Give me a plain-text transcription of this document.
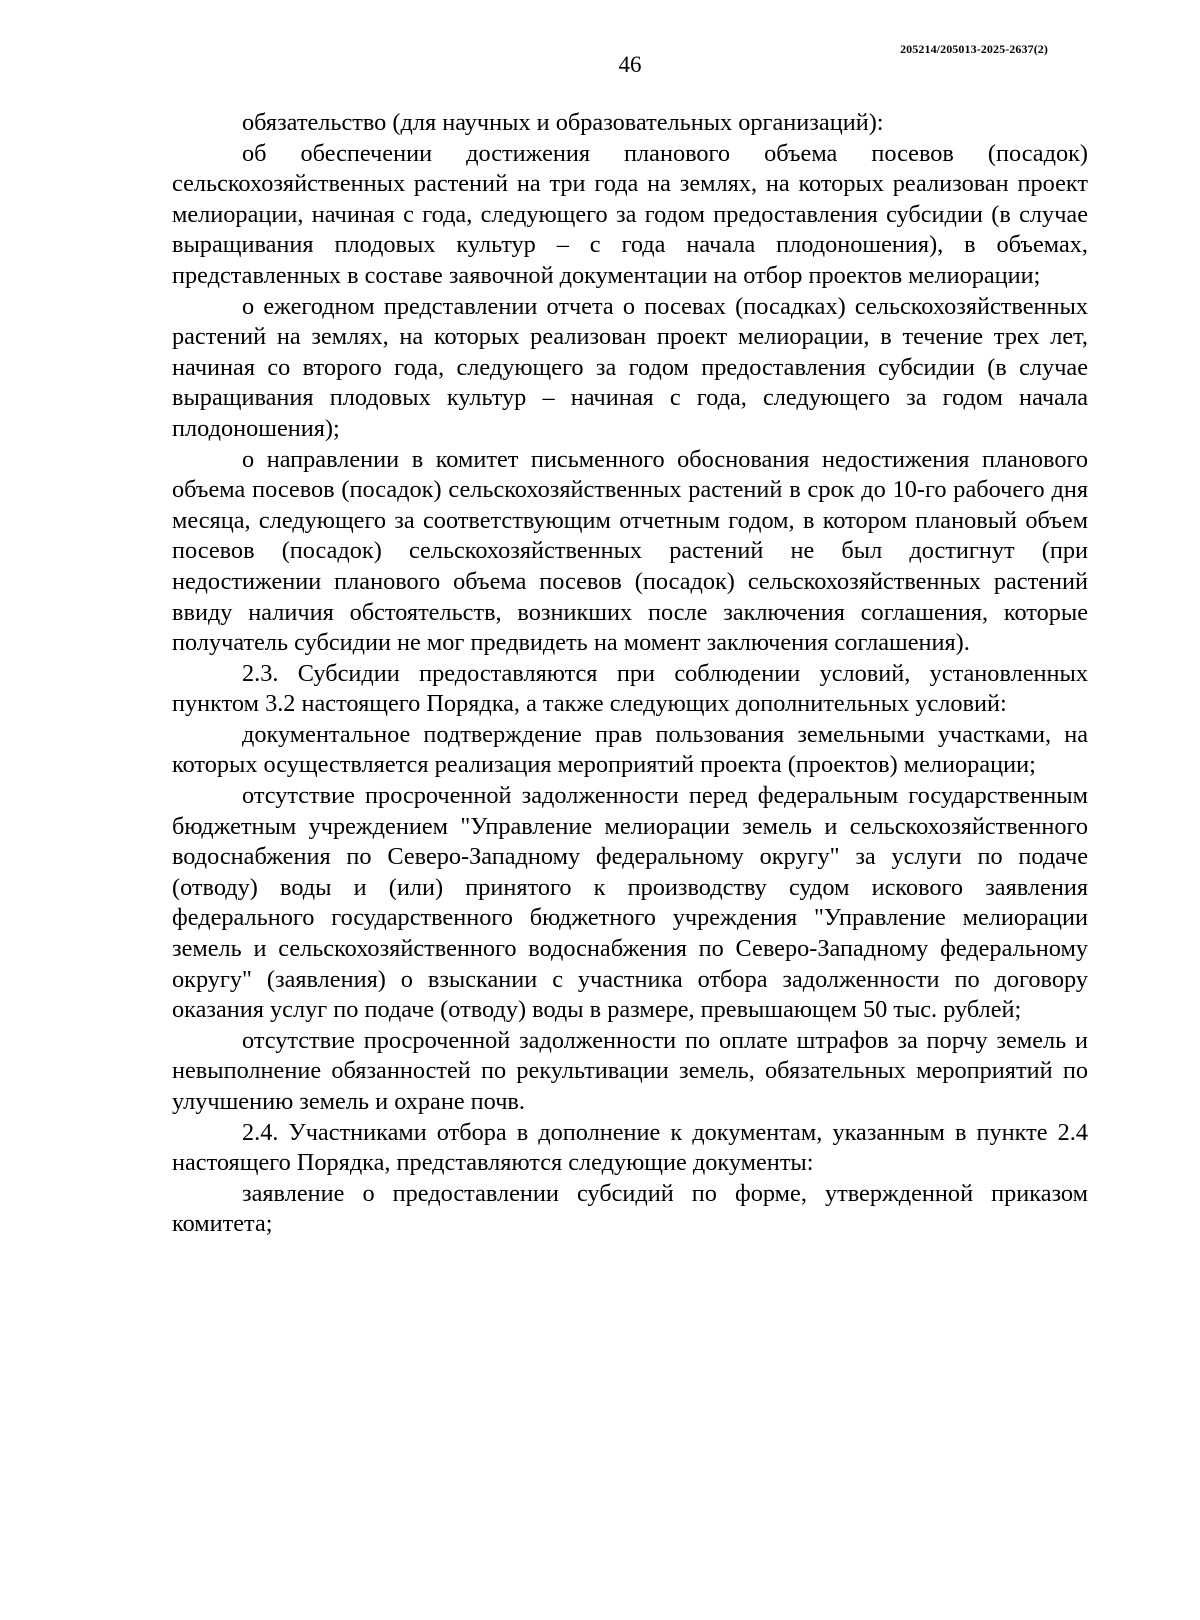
205214/205013-2025-2637(2)
46

обязательство (для научных и образовательных организаций):

об обеспечении достижения планового объема посевов (посадок) сельскохозяйственных растений на три года на землях, на которых реализован проект мелиорации, начиная с года, следующего за годом предоставления субсидии (в случае выращивания плодовых культур – с года начала плодоношения), в объемах, представленных в составе заявочной документации на отбор проектов мелиорации;

о ежегодном представлении отчета о посевах (посадках) сельскохозяйственных растений на землях, на которых реализован проект мелиорации, в течение трех лет, начиная со второго года, следующего за годом предоставления субсидии (в случае выращивания плодовых культур – начиная с года, следующего за годом начала плодоношения);

о направлении в комитет письменного обоснования недостижения планового объема посевов (посадок) сельскохозяйственных растений в срок до 10-го рабочего дня месяца, следующего за соответствующим отчетным годом, в котором плановый объем посевов (посадок) сельскохозяйственных растений не был достигнут (при недостижении планового объема посевов (посадок) сельскохозяйственных растений ввиду наличия обстоятельств, возникших после заключения соглашения, которые получатель субсидии не мог предвидеть на момент заключения соглашения).

2.3. Субсидии предоставляются при соблюдении условий, установленных пунктом 3.2 настоящего Порядка, а также следующих дополнительных условий:

документальное подтверждение прав пользования земельными участками, на которых осуществляется реализация мероприятий проекта (проектов) мелиорации;

отсутствие просроченной задолженности перед федеральным государственным бюджетным учреждением "Управление мелиорации земель и сельскохозяйственного водоснабжения по Северо-Западному федеральному округу" за услуги по подаче (отводу) воды и (или) принятого к производству судом искового заявления федерального государственного бюджетного учреждения "Управление мелиорации земель и сельскохозяйственного водоснабжения по Северо-Западному федеральному округу" (заявления) о взыскании с участника отбора задолженности по договору оказания услуг по подаче (отводу) воды в размере, превышающем 50 тыс. рублей;

отсутствие просроченной задолженности по оплате штрафов за порчу земель и невыполнение обязанностей по рекультивации земель, обязательных мероприятий по улучшению земель и охране почв.

2.4. Участниками отбора в дополнение к документам, указанным в пункте 2.4 настоящего Порядка, представляются следующие документы:

заявление о предоставлении субсидий по форме, утвержденной приказом комитета;
